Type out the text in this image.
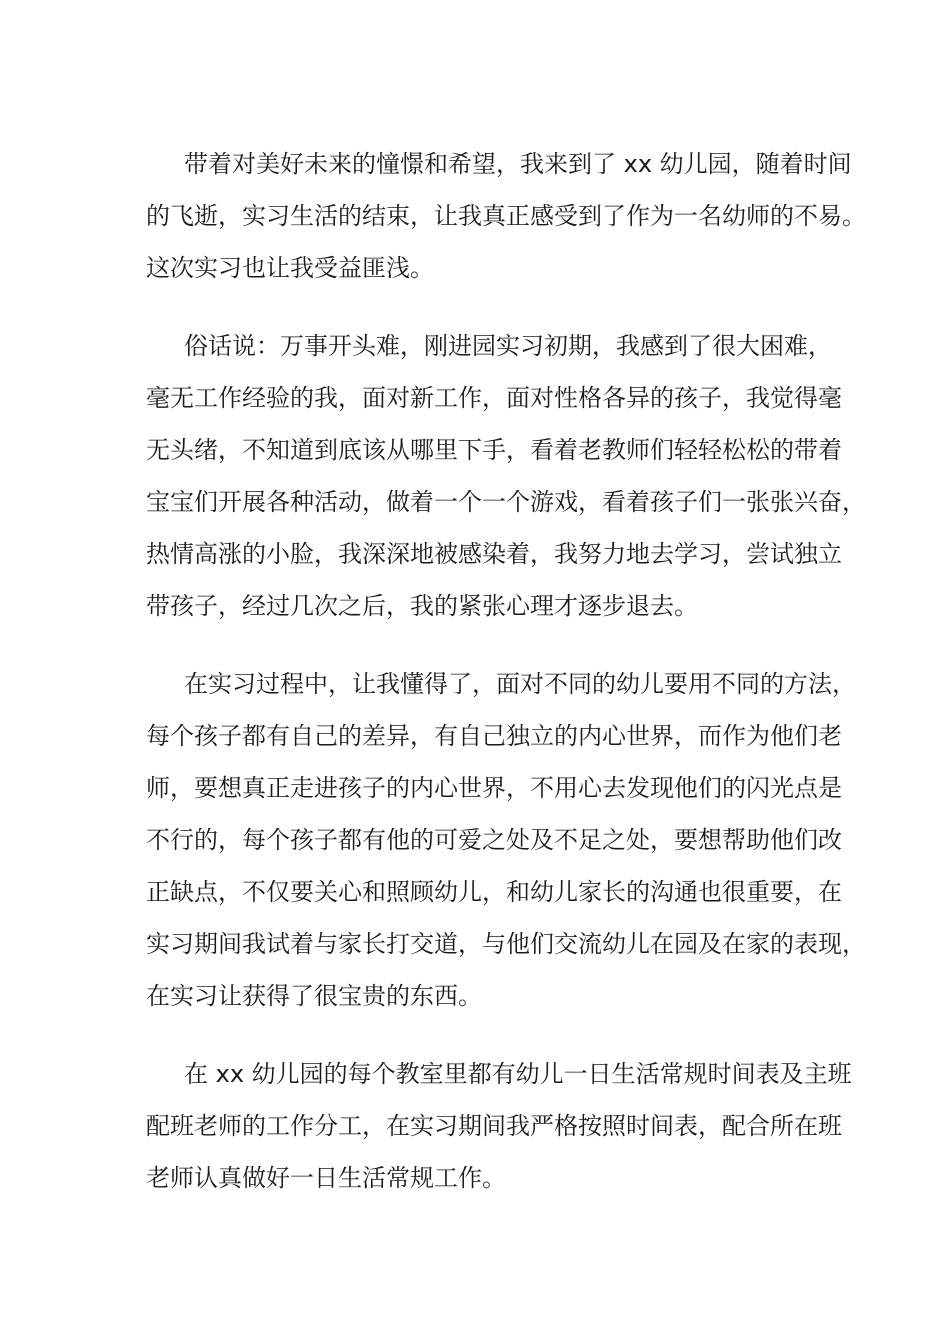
带着对美好未来的憧憬和希望，我来到了 xx 幼儿园，随着时间
的飞逝，实习生活的结束，让我真正感受到了作为一名幼师的不易。
这次实习也让我受益匪浅。

俗话说：万事开头难，刚进园实习初期，我感到了很大困难，
毫无工作经验的我，面对新工作，面对性格各异的孩子，我觉得毫
无头绪，不知道到底该从哪里下手，看着老教师们轻轻松松的带着
宝宝们开展各种活动，做着一个一个游戏，看着孩子们一张张兴奋，
热情高涨的小脸，我深深地被感染着，我努力地去学习，尝试独立
带孩子，经过几次之后，我的紧张心理才逐步退去。

在实习过程中，让我懂得了，面对不同的幼儿要用不同的方法，
每个孩子都有自己的差异，有自己独立的内心世界，而作为他们老
师，要想真正走进孩子的内心世界，不用心去发现他们的闪光点是
不行的，每个孩子都有他的可爱之处及不足之处，要想帮助他们改
正缺点，不仅要关心和照顾幼儿，和幼儿家长的沟通也很重要，在
实习期间我试着与家长打交道，与他们交流幼儿在园及在家的表现，
在实习让获得了很宝贵的东西。

在 xx 幼儿园的每个教室里都有幼儿一日生活常规时间表及主班
配班老师的工作分工，在实习期间我严格按照时间表，配合所在班
老师认真做好一日生活常规工作。
